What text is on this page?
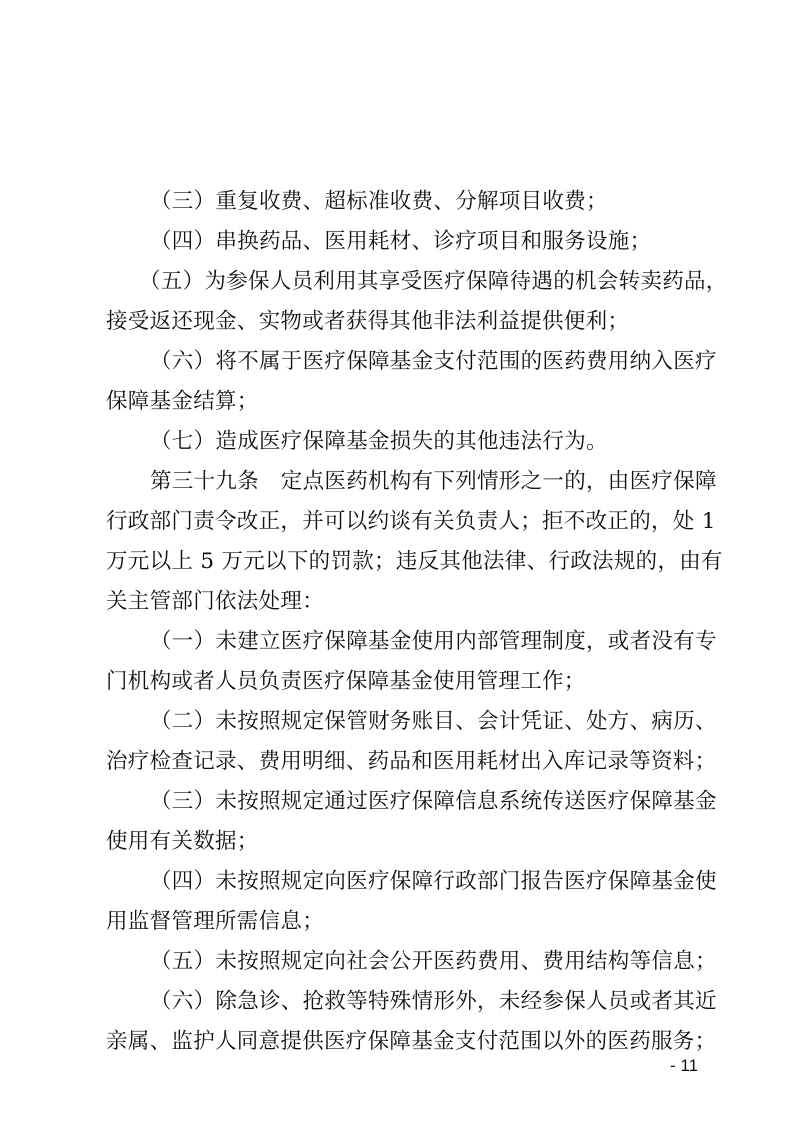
（三）重复收费、超标准收费、分解项目收费；
（四）串换药品、医用耗材、诊疗项目和服务设施；
（五）为参保人员利用其享受医疗保障待遇的机会转卖药品，
接受返还现金、实物或者获得其他非法利益提供便利；
（六）将不属于医疗保障基金支付范围的医药费用纳入医疗
保障基金结算；
（七）造成医疗保障基金损失的其他违法行为。
第三十九条　定点医药机构有下列情形之一的，由医疗保障
行政部门责令改正，并可以约谈有关负责人；拒不改正的，处 1
万元以上 5 万元以下的罚款；违反其他法律、行政法规的，由有
关主管部门依法处理：
（一）未建立医疗保障基金使用内部管理制度，或者没有专
门机构或者人员负责医疗保障基金使用管理工作；
（二）未按照规定保管财务账目、会计凭证、处方、病历、
治疗检查记录、费用明细、药品和医用耗材出入库记录等资料；
（三）未按照规定通过医疗保障信息系统传送医疗保障基金
使用有关数据；
（四）未按照规定向医疗保障行政部门报告医疗保障基金使
用监督管理所需信息；
（五）未按照规定向社会公开医药费用、费用结构等信息；
（六）除急诊、抢救等特殊情形外，未经参保人员或者其近
亲属、监护人同意提供医疗保障基金支付范围以外的医药服务；
- 11
